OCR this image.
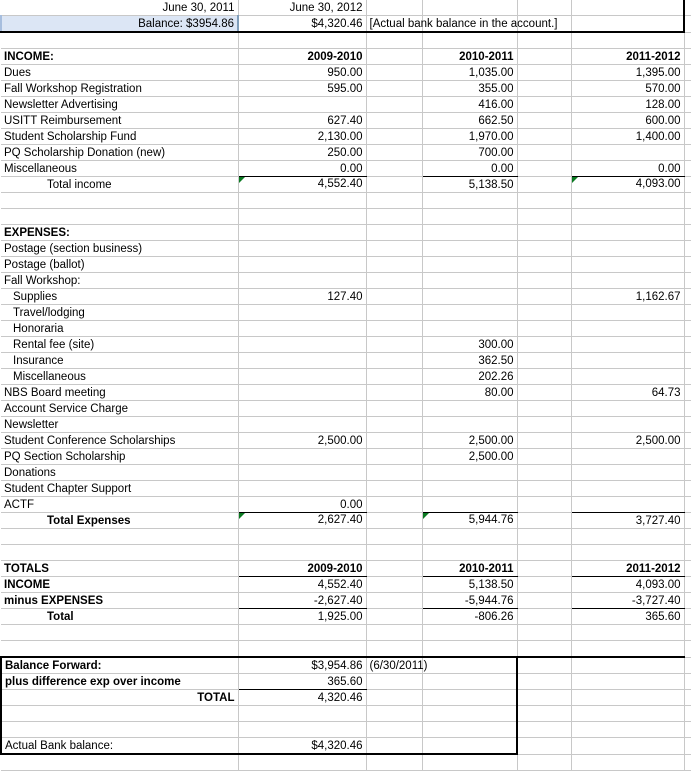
June 30, 2011	June 30, 2012					
Balance: $3954.86	$4,320.46	[Actual bank balance in the account.]				

INCOME:	2009-2010		2010-2011		2011-2012	
Dues	950.00		1,035.00		1,395.00	
Fall Workshop Registration	595.00		355.00		570.00	
Newsletter Advertising			416.00		128.00	
USITT Reimbursement	627.40		662.50		600.00	
Student Scholarship Fund	2,130.00		1,970.00		1,400.00	
PQ Scholarship Donation (new)	250.00		700.00			
Miscellaneous	0.00		0.00		0.00	
Total income	4,552.40		5,138.50		4,093.00	

EXPENSES:						
Postage (section business)						
Postage (ballot)						
Fall Workshop:						
Supplies	127.40				1,162.67	
Travel/lodging						
Honoraria						
Rental fee (site)			300.00			
Insurance			362.50			
Miscellaneous			202.26			
NBS Board meeting			80.00		64.73	
Account Service Charge						
Newsletter						
Student Conference Scholarships	2,500.00		2,500.00		2,500.00	
PQ Section Scholarship			2,500.00			
Donations						
Student Chapter Support						
ACTF	0.00					
Total Expenses	2,627.40		5,944.76		3,727.40	

TOTALS	2009-2010		2010-2011		2011-2012	
INCOME	4,552.40		5,138.50		4,093.00	
minus EXPENSES	-2,627.40		-5,944.76		-3,727.40	
Total	1,925.00		-806.26		365.60	

Balance Forward:	$3,954.86	(6/30/2011)				
plus difference exp over income	365.60					
TOTAL	4,320.46					

Actual Bank balance:	$4,320.46					
